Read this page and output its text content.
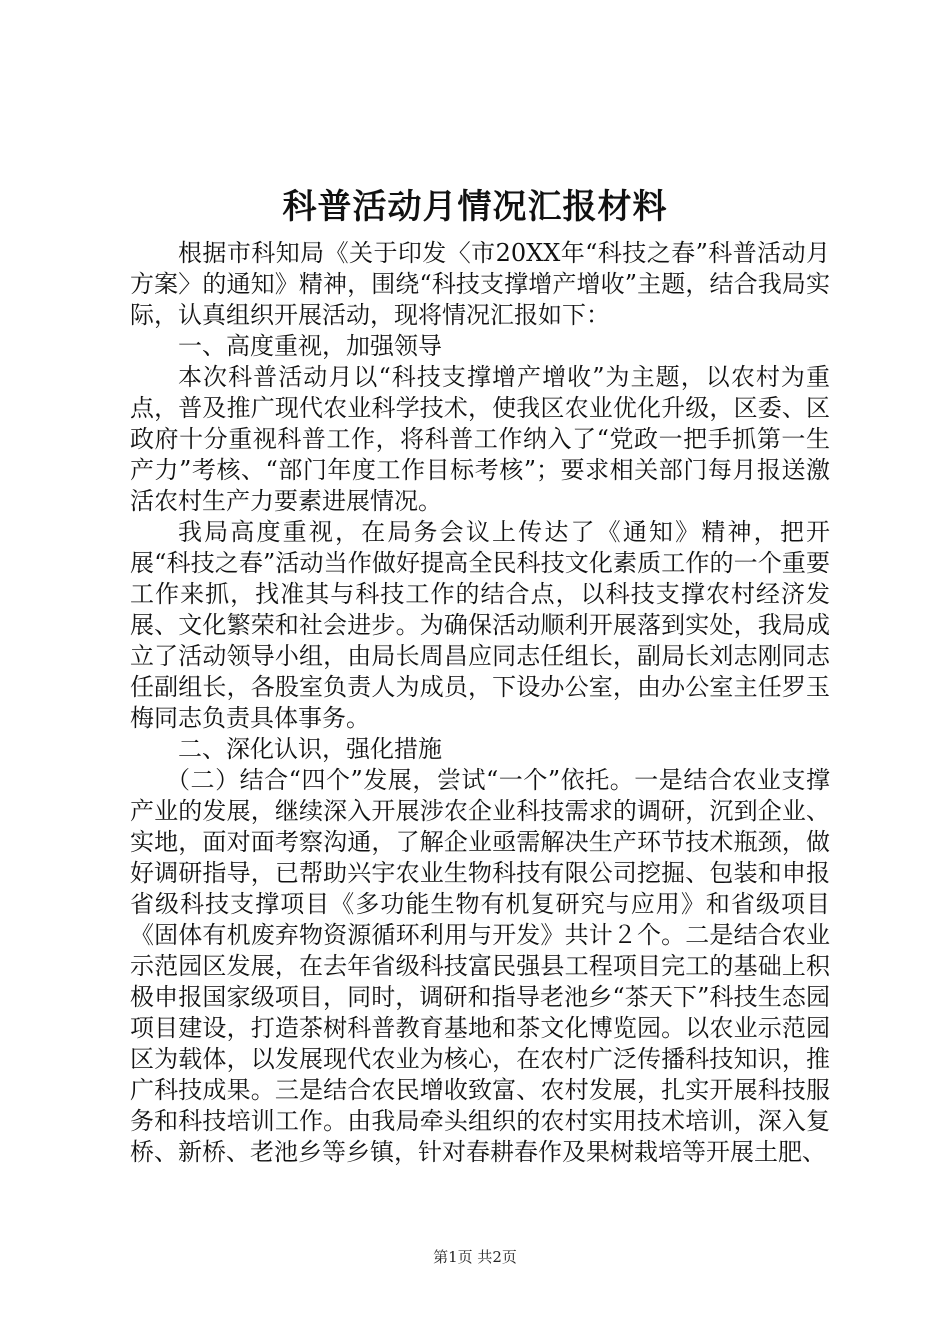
科普活动月情况汇报材料

根据市科知局《关于印发〈市20XX年“科技之春”科普活动月方案〉的通知》精神，围绕“科技支撑增产增收”主题，结合我局实际，认真组织开展活动，现将情况汇报如下：

一、高度重视，加强领导

本次科普活动月以“科技支撑增产增收”为主题，以农村为重点，普及推广现代农业科学技术，使我区农业优化升级，区委、区政府十分重视科普工作，将科普工作纳入了“党政一把手抓第一生产力”考核、“部门年度工作目标考核”；要求相关部门每月报送激活农村生产力要素进展情况。

我局高度重视，在局务会议上传达了《通知》精神，把开展“科技之春”活动当作做好提高全民科技文化素质工作的一个重要工作来抓，找准其与科技工作的结合点，以科技支撑农村经济发展、文化繁荣和社会进步。为确保活动顺利开展落到实处，我局成立了活动领导小组，由局长周昌应同志任组长，副局长刘志刚同志任副组长，各股室负责人为成员，下设办公室，由办公室主任罗玉梅同志负责具体事务。

二、深化认识，强化措施

（二）结合“四个”发展，尝试“一个”依托。一是结合农业支撑产业的发展，继续深入开展涉农企业科技需求的调研，沉到企业、实地，面对面考察沟通，了解企业亟需解决生产环节技术瓶颈，做好调研指导，已帮助兴宇农业生物科技有限公司挖掘、包装和申报省级科技支撑项目《多功能生物有机复研究与应用》和省级项目《固体有机废弃物资源循环利用与开发》共计２个。二是结合农业示范园区发展，在去年省级科技富民强县工程项目完工的基础上积极申报国家级项目，同时，调研和指导老池乡“茶天下”科技生态园项目建设，打造茶树科普教育基地和茶文化博览园。以农业示范园区为载体，以发展现代农业为核心，在农村广泛传播科技知识，推广科技成果。三是结合农民增收致富、农村发展，扎实开展科技服务和科技培训工作。由我局牵头组织的农村实用技术培训，深入复桥、新桥、老池乡等乡镇，针对春耕春作及果树栽培等开展土肥、

第1页 共2页
